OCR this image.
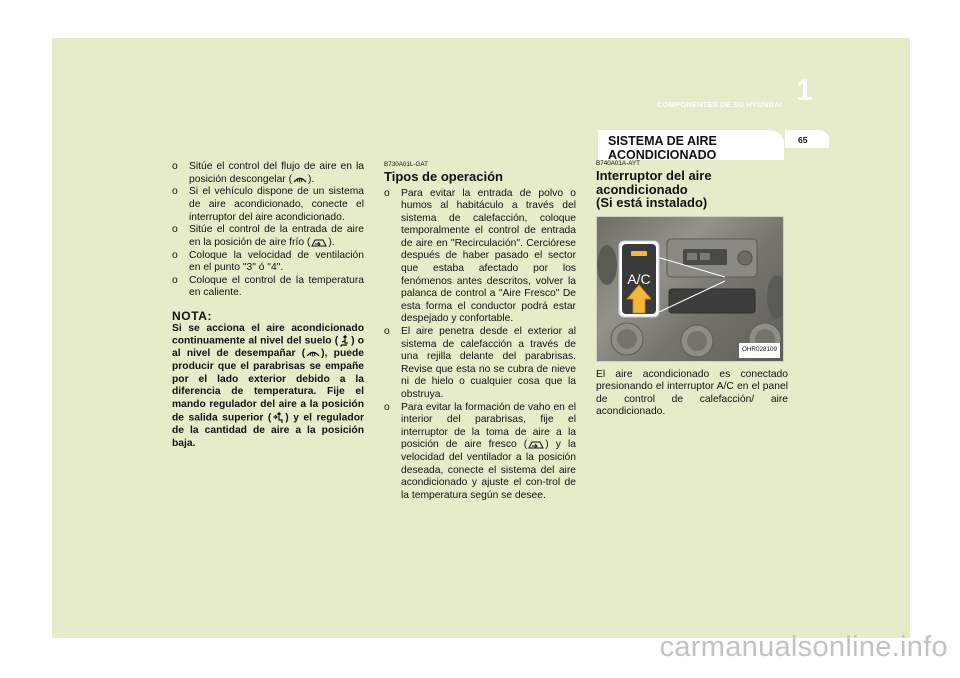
COMPONENTES DE SU HYUNDAI 1
SISTEMA DE AIRE
ACONDICIONADO
65
o Sitúe el control del flujo de aire en la posición descongelar ( ).
o Si el vehículo dispone de un sistema de aire acondicionado, conecte el interruptor del aire acondicionado.
o Sitúe el control de la entrada de aire en la posición de aire frío ( ).
o Coloque la velocidad de ventilación en el punto "3" ó "4".
o Coloque el control de la temperatura en caliente.
NOTA:
Si se acciona el aire acondicionado continuamente al nivel del suelo ( ) o al nivel de desempañar ( ), puede producir que el parabrisas se empañe por el lado exterior debido a la diferencia de temperatura. Fije el mando regulador del aire a la posición de salida superior ( ) y el regulador de la cantidad de aire a la posición baja.
B730A01L-GAT
Tipos de operación
o Para evitar la entrada de polvo o humos al habitáculo a través del sistema de calefacción, coloque temporalmente el control de entrada de aire en "Recirculación". Cerciórese después de haber pasado el sector que estaba afectado por los fenómenos antes descritos, volver la palanca de control a "Aire Fresco" De esta forma el conductor podrá estar despejado y confortable.
o El aire penetra desde el exterior al sistema de calefacción a través de una rejilla delante del parabrisas. Revise que esta no se cubra de nieve ni de hielo o cualquier cosa que la obstruya.
o Para evitar la formación de vaho en el interior del parabrisas, fije el interruptor de la toma de aire a la posición de aire fresco ( ) y la velocidad del ventilador a la posición deseada, conecte el sistema del aire acondicionado y ajuste el con-trol de la temperatura según se desee.
B740A01A-AYT
Interruptor del aire
acondicionado
(Si está instalado)
A/C
OHR028109
El aire acondicionado es conectado presionando el interruptor A/C en el panel de control de calefacción/ aire acondicionado.
carmanualsonline.info
